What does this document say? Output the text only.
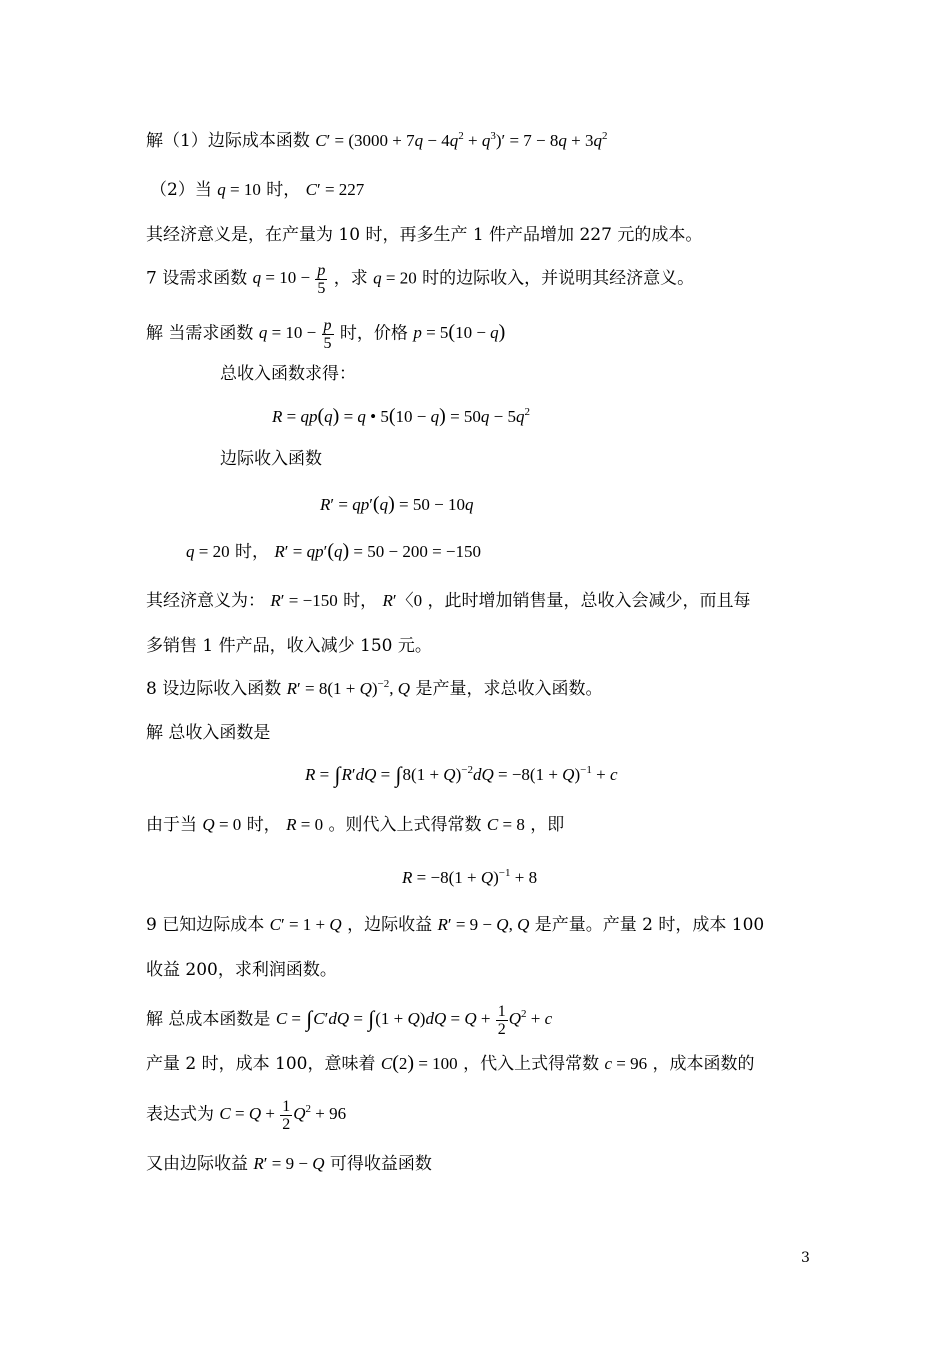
解（1）边际成本函数 $C' = (3000 + 7q - 4q^2 + q^3)' = 7 - 8q + 3q^2$
（2）当 q = 10 时， C′ = 227
其经济意义是，在产量为 10 时，再多生产 1 件产品增加 227 元的成本。
7 设需求函数 $q = 10 - \frac{p}{5}$ ，求 q = 20 时的边际收入，并说明其经济意义。
解 当需求函数 $q = 10 - \frac{p}{5}$ 时，价格 p = 5(10 − q)
总收入函数求得：
R = qp(q) = q • $5(10 - q) = 50q - 5q^2$
边际收入函数
R′ = qp′(q) = 50 − 10q
q = 20 时， R′ = qp′(q) = 50 − 200 = −150
其经济意义为： R′ = −150 时， R′〈0 ，此时增加销售量，总收入会减少，而且每
多销售 1 件产品，收入减少 150 元。
8 设边际收入函数 $R' = 8(1 + Q)^{-2}$, Q 是产量，求总收入函数。
解 总收入函数是
$R = \int R'dQ = \int 8(1 + Q)^{-2}dQ = -8(1 + Q)^{-1} + c$
由于当 Q = 0 时， R = 0 。则代入上式得常数 C = 8 ，即
$R = -8(1 + Q)^{-1} + 8$
9 已知边际成本 C′ = 1 + Q ，边际收益 R′ = 9 − Q, Q 是产量。产量 2 时，成本 100
收益 200，求利润函数。
解 总成本函数是 $C = \int C'dQ = \int(1 + Q)dQ = Q + \frac{1}{2} Q^2 + c$
产量 2 时，成本 100，意味着 C(2) = 100 ，代入上式得常数 c = 96 ，成本函数的
表达式为 $C = Q + \frac{1}{2} Q^2 + 96$
又由边际收益 R′ = 9 − Q 可得收益函数
3
